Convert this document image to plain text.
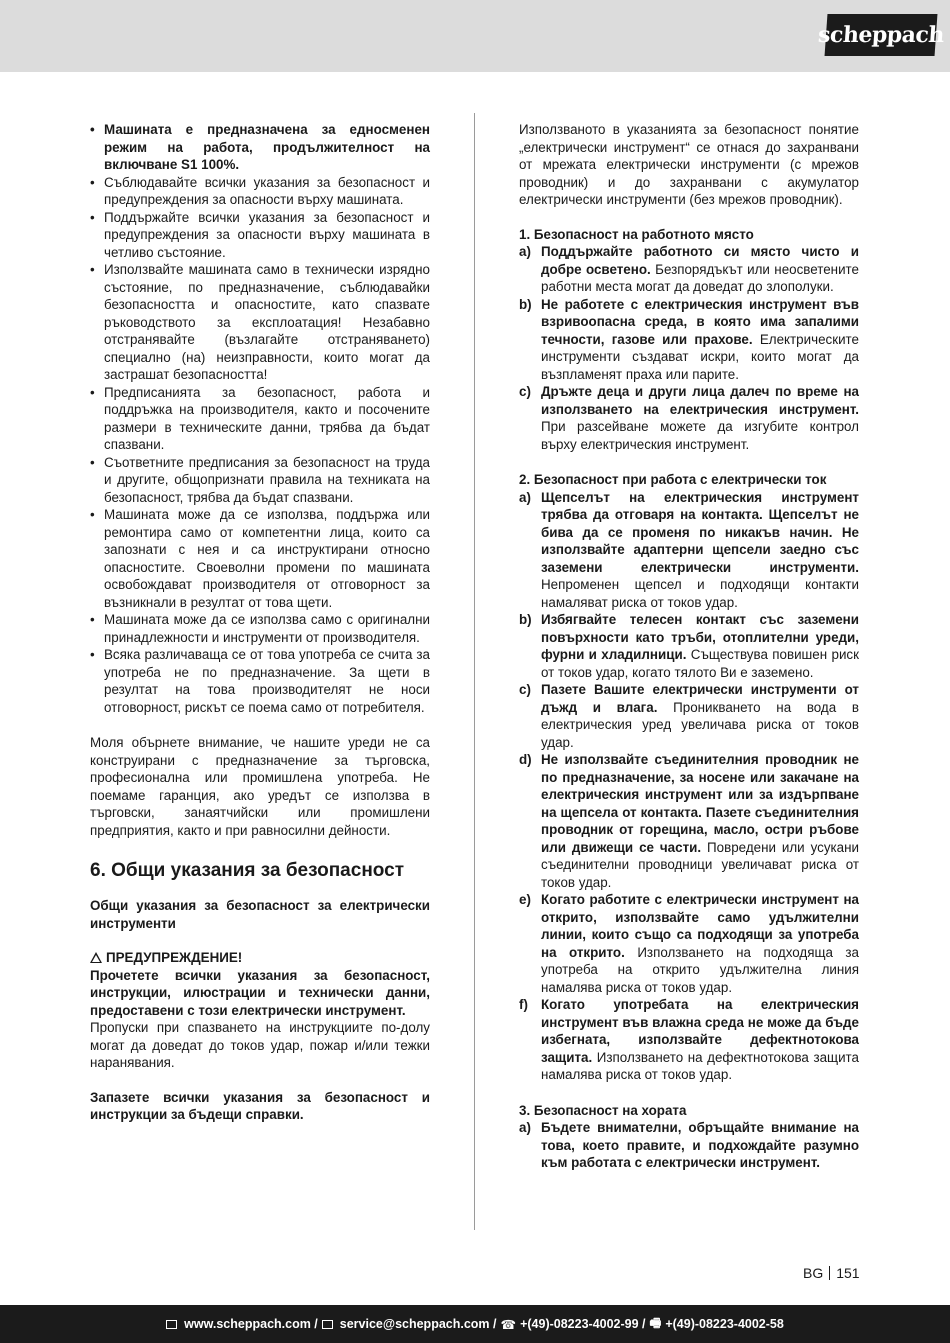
scheppach
• Машината е предназначена за едносменен режим на работа, продължителност на включване S1 100%.
• Съблюдавайте всички указания за безопасност и предупреждения за опасности върху машината.
• Поддържайте всички указания за безопасност и предупреждения за опасности върху машината в четливо състояние.
• Използвайте машината само в технически изрядно състояние, по предназначение, съблюдавайки безопасността и опасностите, като спазвате ръководството за експлоатация! Незабавно отстранявайте (възлагайте отстраняването) специално (на) неизправности, които могат да застрашат безопасността!
• Предписанията за безопасност, работа и поддръжка на производителя, както и посочените размери в техническите данни, трябва да бъдат спазвани.
• Съответните предписания за безопасност на труда и другите, общопризнати правила на техниката на безопасност, трябва да бъдат спазвани.
• Машината може да се използва, поддържа или ремонтира само от компетентни лица, които са запознати с нея и са инструктирани относно опасностите. Своеволни промени по машината освобождават производителя от отговорност за възникнали в резултат от това щети.
• Машината може да се използва само с оригинални принадлежности и инструменти от производителя.
• Всяка различаваща се от това употреба се счита за употреба не по предназначение. За щети в резултат на това производителят не носи отговорност, рискът се поема само от потребителя.
Моля обърнете внимание, че нашите уреди не са конструирани с предназначение за търговска, професионална или промишлена употреба. Не поемаме гаранция, ако уредът се използва в търговски, занаятчийски или промишлени предприятия, както и при равносилни дейности.
6. Общи указания за безопасност
Общи указания за безопасност за електрически инструменти
ПРЕДУПРЕЖДЕНИЕ!
Прочетете всички указания за безопасност, инструкции, илюстрации и технически данни, предоставени с този електрически инструмент.
Пропуски при спазването на инструкциите по-долу могат да доведат до токов удар, пожар и/или тежки наранявания.
Запазете всички указания за безопасност и инструкции за бъдещи справки.
Използваното в указанията за безопасност понятие „електрически инструмент“ се отнася до захранвани от мрежата електрически инструменти (с мрежов проводник) и до захранвани с акумулатор електрически инструменти (без мрежов проводник).
1. Безопасност на работното място
a) Поддържайте работното си място чисто и добре осветено. Безпорядъкът или неосветените работни места могат да доведат до злополуки.
b) Не работете с електрическия инструмент във взривоопасна среда, в която има запалими течности, газове или прахове. Електрическите инструменти създават искри, които могат да възпламенят праха или парите.
c) Дръжте деца и други лица далеч по време на използването на електрическия инструмент. При разсейване можете да изгубите контрол върху електрическия инструмент.
2. Безопасност при работа с електрически ток
a) Щепселът на електрическия инструмент трябва да отговаря на контакта. Щепселът не бива да се променя по никакъв начин. Не използвайте адаптерни щепсели заедно със заземени електрически инструменти. Непроменен щепсел и подходящи контакти намаляват риска от токов удар.
b) Избягвайте телесен контакт със заземени повърхности като тръби, отоплителни уреди, фурни и хладилници. Съществува повишен риск от токов удар, когато тялото Ви е заземено.
c) Пазете Вашите електрически инструменти от дъжд и влага. Проникването на вода в електрическия уред увеличава риска от токов удар.
d) Не използвайте съединителния проводник не по предназначение, за носене или закачане на електрическия инструмент или за издърпване на щепсела от контакта. Пазете съединителния проводник от горещина, масло, остри ръбове или движещи се части. Повредени или усукани съединителни проводници увеличават риска от токов удар.
e) Когато работите с електрически инструмент на открито, използвайте само удължителни линии, които също са подходящи за употреба на открито. Използването на подходяща за употреба на открито удължителна линия намалява риска от токов удар.
f) Когато употребата на електрическия инструмент във влажна среда не може да бъде избегната, използвайте дефектнотокова защита. Използването на дефектнотокова защита намалява риска от токов удар.
3. Безопасност на хората
a) Бъдете внимателни, обръщайте внимание на това, което правите, и подхождайте разумно към работата с електрически инструмент.
BG 151
www.scheppach.com / service@scheppach.com / ☎ +(49)-08223-4002-99 / 🖷 +(49)-08223-4002-58
